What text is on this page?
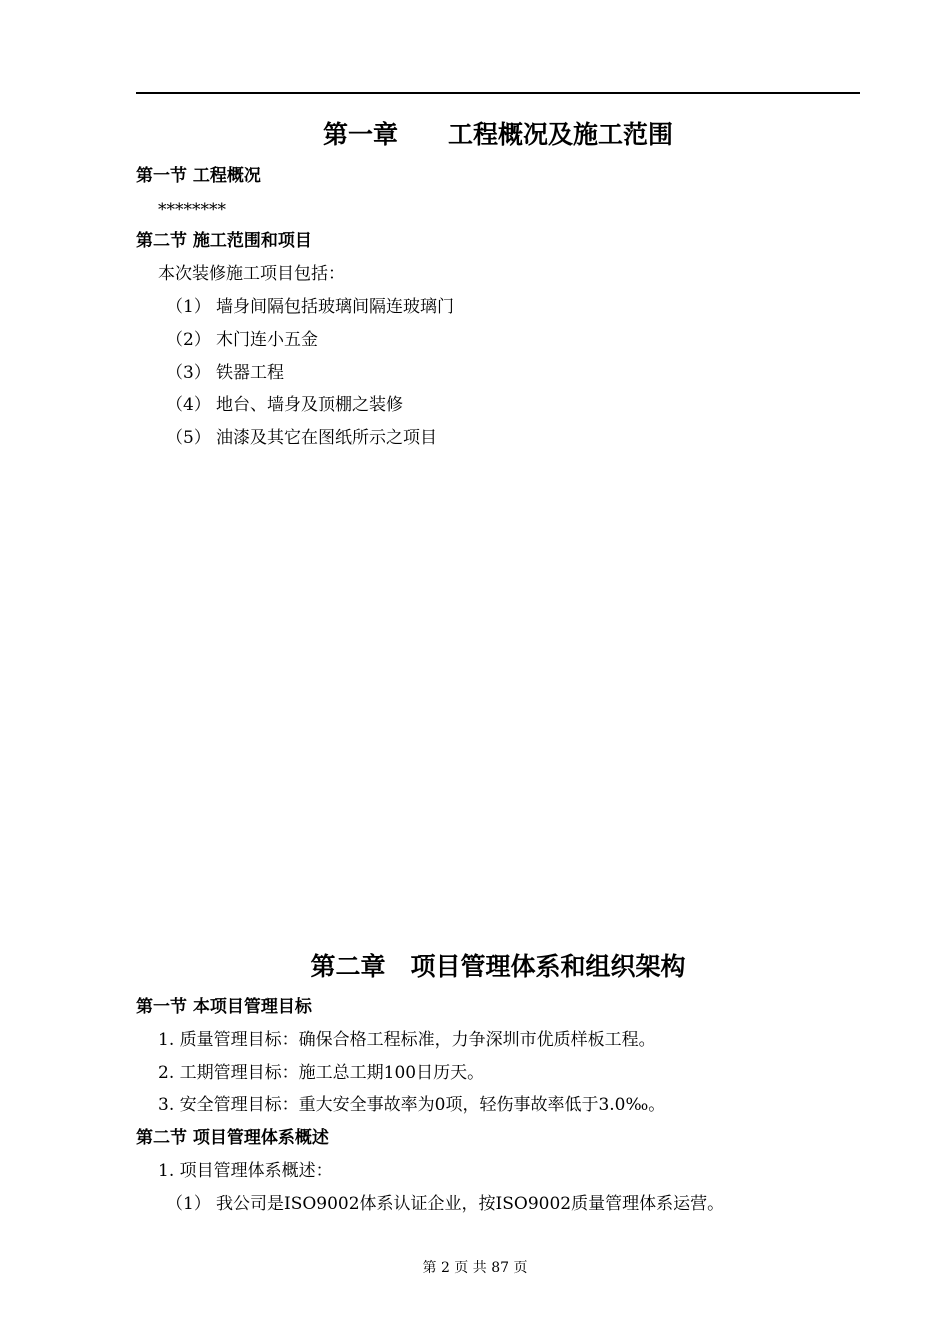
第一章　　工程概况及施工范围
第一节 工程概况
********
第二节 施工范围和项目
本次装修施工项目包括：
（1） 墙身间隔包括玻璃间隔连玻璃门
（2） 木门连小五金
（3） 铁器工程
（4） 地台、墙身及顶棚之装修
（5） 油漆及其它在图纸所示之项目
第二章　项目管理体系和组织架构
第一节 本项目管理目标
1. 质量管理目标：确保合格工程标准，力争深圳市优质样板工程。
2. 工期管理目标：施工总工期100日历天。
3. 安全管理目标：重大安全事故率为0项，轻伤事故率低于3.0‰。
第二节 项目管理体系概述
1. 项目管理体系概述：
（1） 我公司是ISO9002体系认证企业，按ISO9002质量管理体系运营。
第 2 页 共 87 页
